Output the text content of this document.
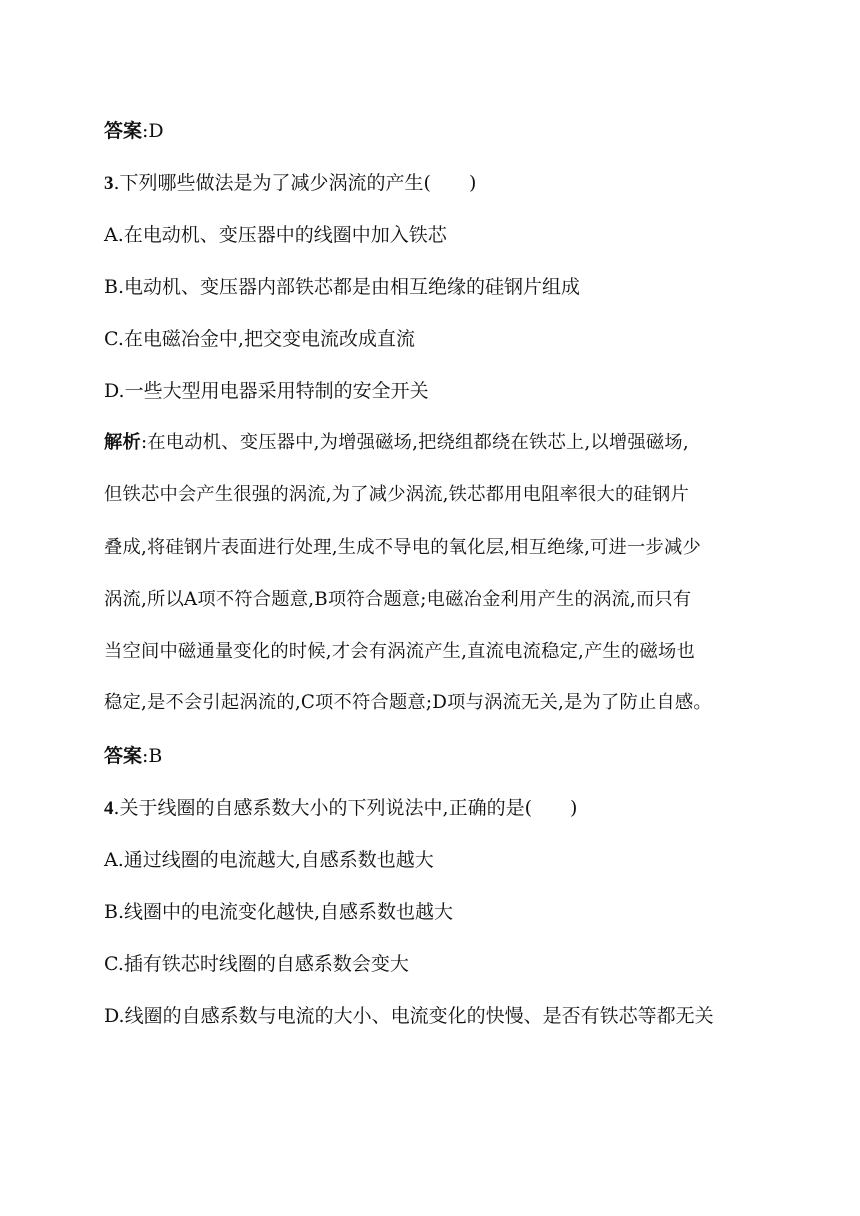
答案:D
3.下列哪些做法是为了减少涡流的产生(　　)
A.在电动机、变压器中的线圈中加入铁芯
B.电动机、变压器内部铁芯都是由相互绝缘的硅钢片组成
C.在电磁冶金中,把交变电流改成直流
D.一些大型用电器采用特制的安全开关
解析:在电动机、变压器中,为增强磁场,把绕组都绕在铁芯上,以增强磁场,
但铁芯中会产生很强的涡流,为了减少涡流,铁芯都用电阻率很大的硅钢片
叠成,将硅钢片表面进行处理,生成不导电的氧化层,相互绝缘,可进一步减少
涡流,所以A项不符合题意,B项符合题意;电磁冶金利用产生的涡流,而只有
当空间中磁通量变化的时候,才会有涡流产生,直流电流稳定,产生的磁场也
稳定,是不会引起涡流的,C项不符合题意;D项与涡流无关,是为了防止自感。
答案:B
4.关于线圈的自感系数大小的下列说法中,正确的是(　　)
A.通过线圈的电流越大,自感系数也越大
B.线圈中的电流变化越快,自感系数也越大
C.插有铁芯时线圈的自感系数会变大
D.线圈的自感系数与电流的大小、电流变化的快慢、是否有铁芯等都无关
